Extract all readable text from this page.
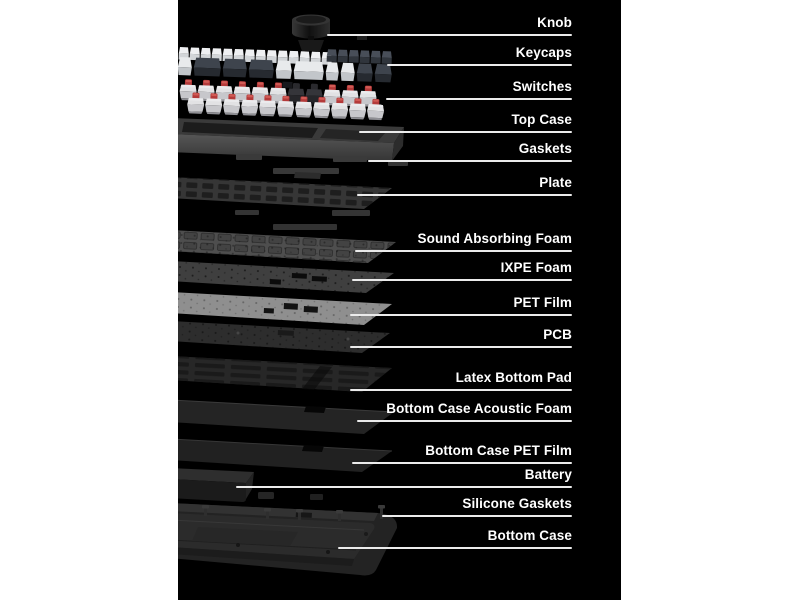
Knob
Keycaps
Switches
Top Case
Gaskets
Plate
Sound Absorbing Foam
IXPE Foam
PET Film
PCB
Latex Bottom Pad
Bottom Case Acoustic Foam
Bottom Case PET Film
Battery
Silicone Gaskets
Bottom Case
